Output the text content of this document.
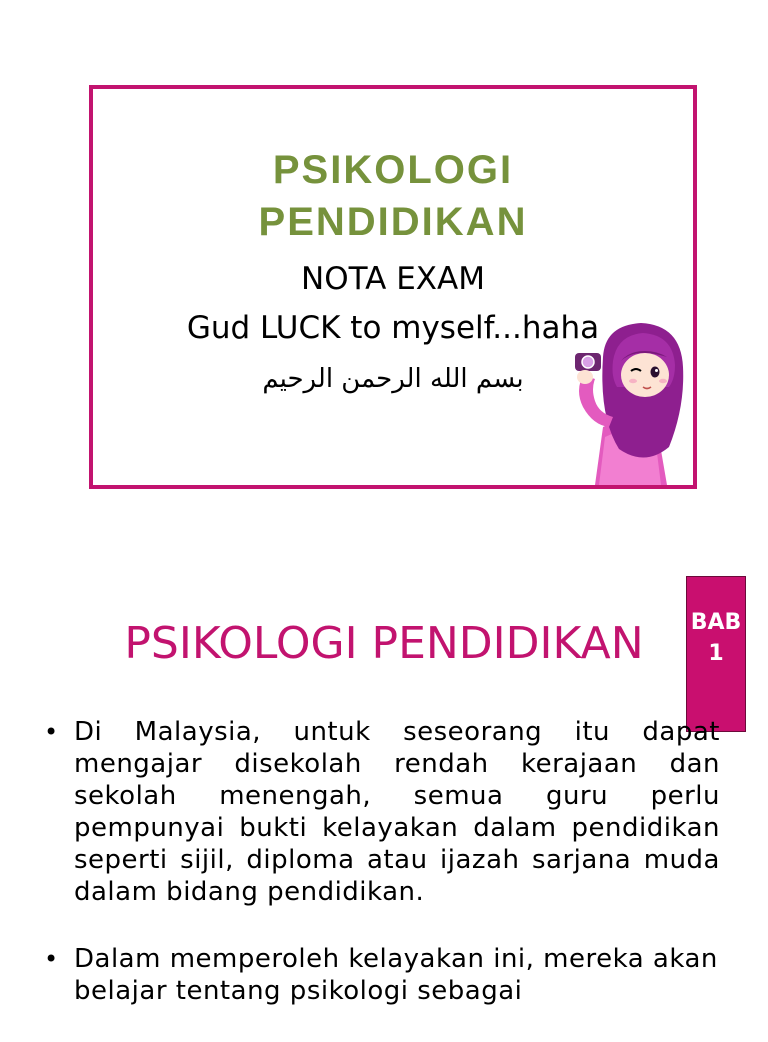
PSIKOLOGI
PENDIDIKAN
NOTA EXAM
Gud LUCK to myself...haha
بسم الله الرحمن الرحيم
PSIKOLOGI PENDIDIKAN	BAB 1
• Di Malaysia, untuk seseorang itu dapat mengajar disekolah rendah kerajaan dan sekolah menengah, semua guru perlu pempunyai bukti kelayakan dalam pendidikan seperti sijil, diploma atau ijazah sarjana muda dalam bidang pendidikan.
• Dalam memperoleh kelayakan ini, mereka akan belajar tentang psikologi sebagai
